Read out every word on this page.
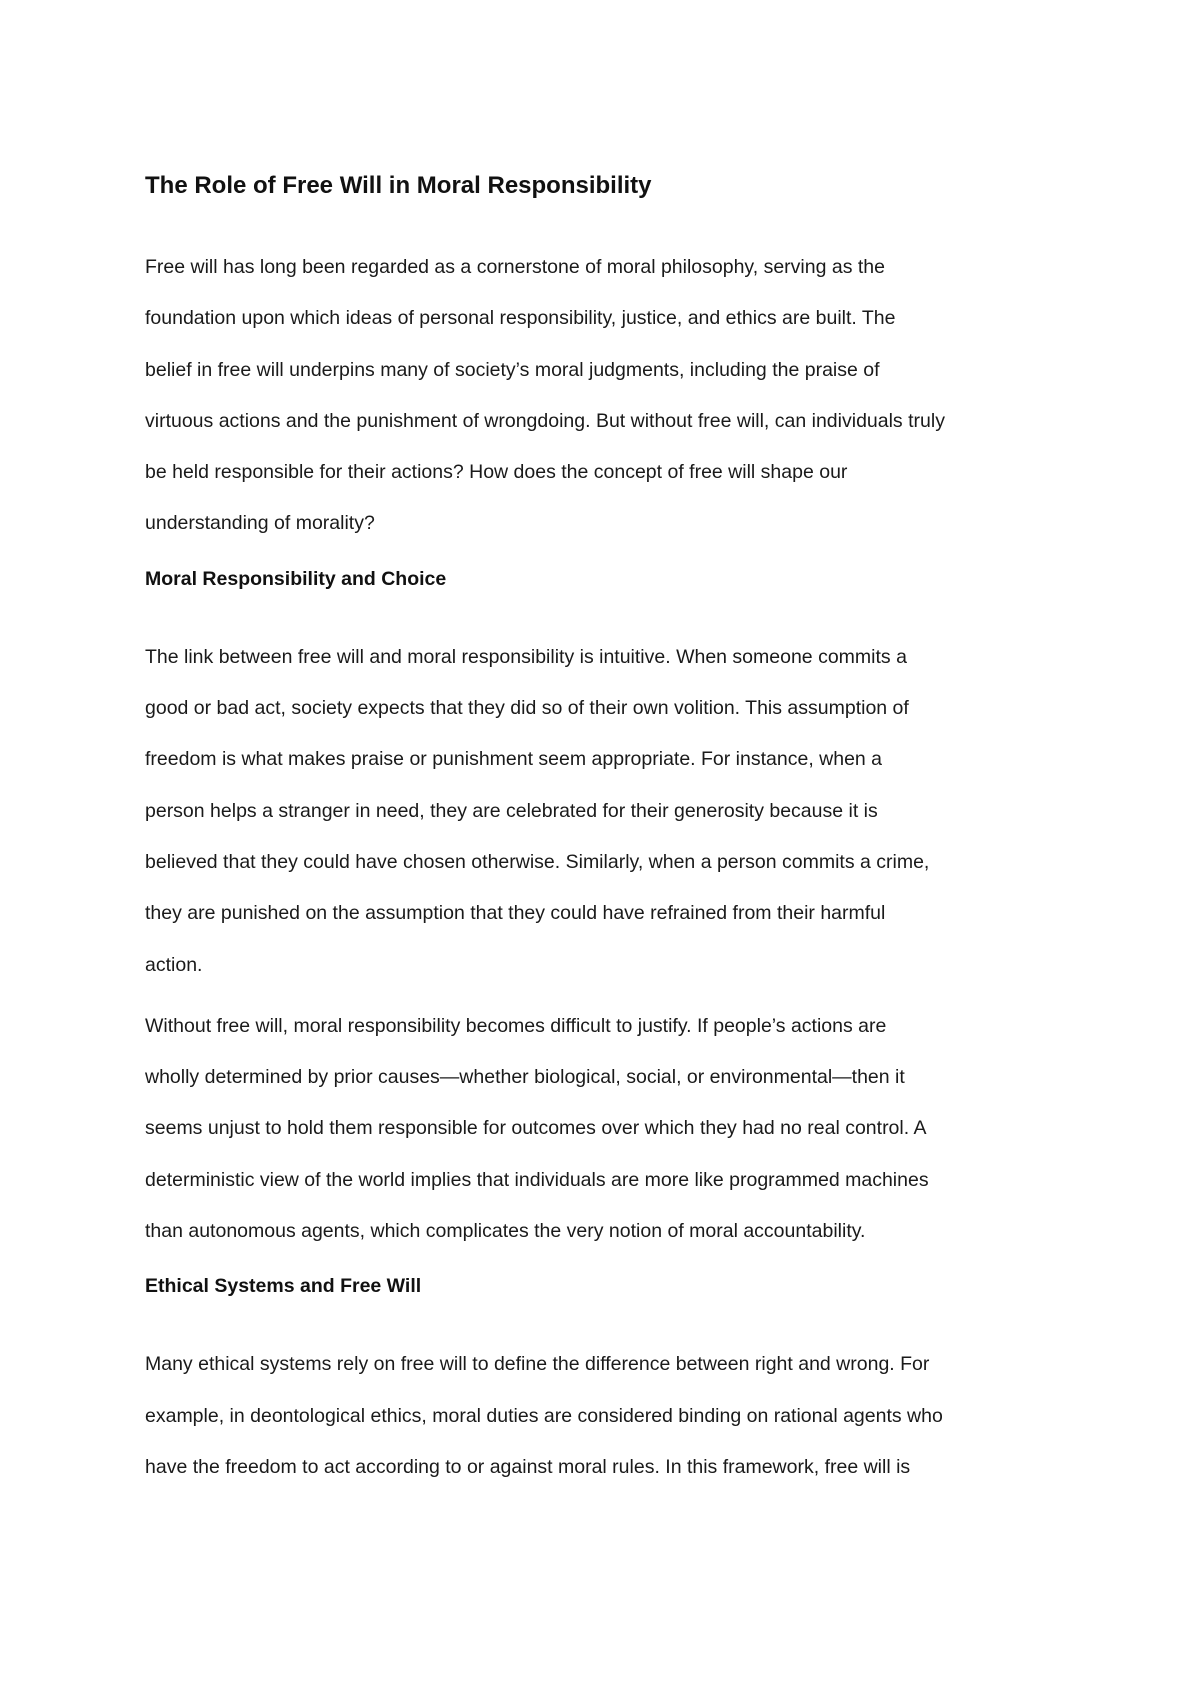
The Role of Free Will in Moral Responsibility

Free will has long been regarded as a cornerstone of moral philosophy, serving as the
foundation upon which ideas of personal responsibility, justice, and ethics are built. The
belief in free will underpins many of society’s moral judgments, including the praise of
virtuous actions and the punishment of wrongdoing. But without free will, can individuals truly
be held responsible for their actions? How does the concept of free will shape our
understanding of morality?

Moral Responsibility and Choice

The link between free will and moral responsibility is intuitive. When someone commits a
good or bad act, society expects that they did so of their own volition. This assumption of
freedom is what makes praise or punishment seem appropriate. For instance, when a
person helps a stranger in need, they are celebrated for their generosity because it is
believed that they could have chosen otherwise. Similarly, when a person commits a crime,
they are punished on the assumption that they could have refrained from their harmful
action.

Without free will, moral responsibility becomes difficult to justify. If people’s actions are
wholly determined by prior causes—whether biological, social, or environmental—then it
seems unjust to hold them responsible for outcomes over which they had no real control. A
deterministic view of the world implies that individuals are more like programmed machines
than autonomous agents, which complicates the very notion of moral accountability.

Ethical Systems and Free Will

Many ethical systems rely on free will to define the difference between right and wrong. For
example, in deontological ethics, moral duties are considered binding on rational agents who
have the freedom to act according to or against moral rules. In this framework, free will is
